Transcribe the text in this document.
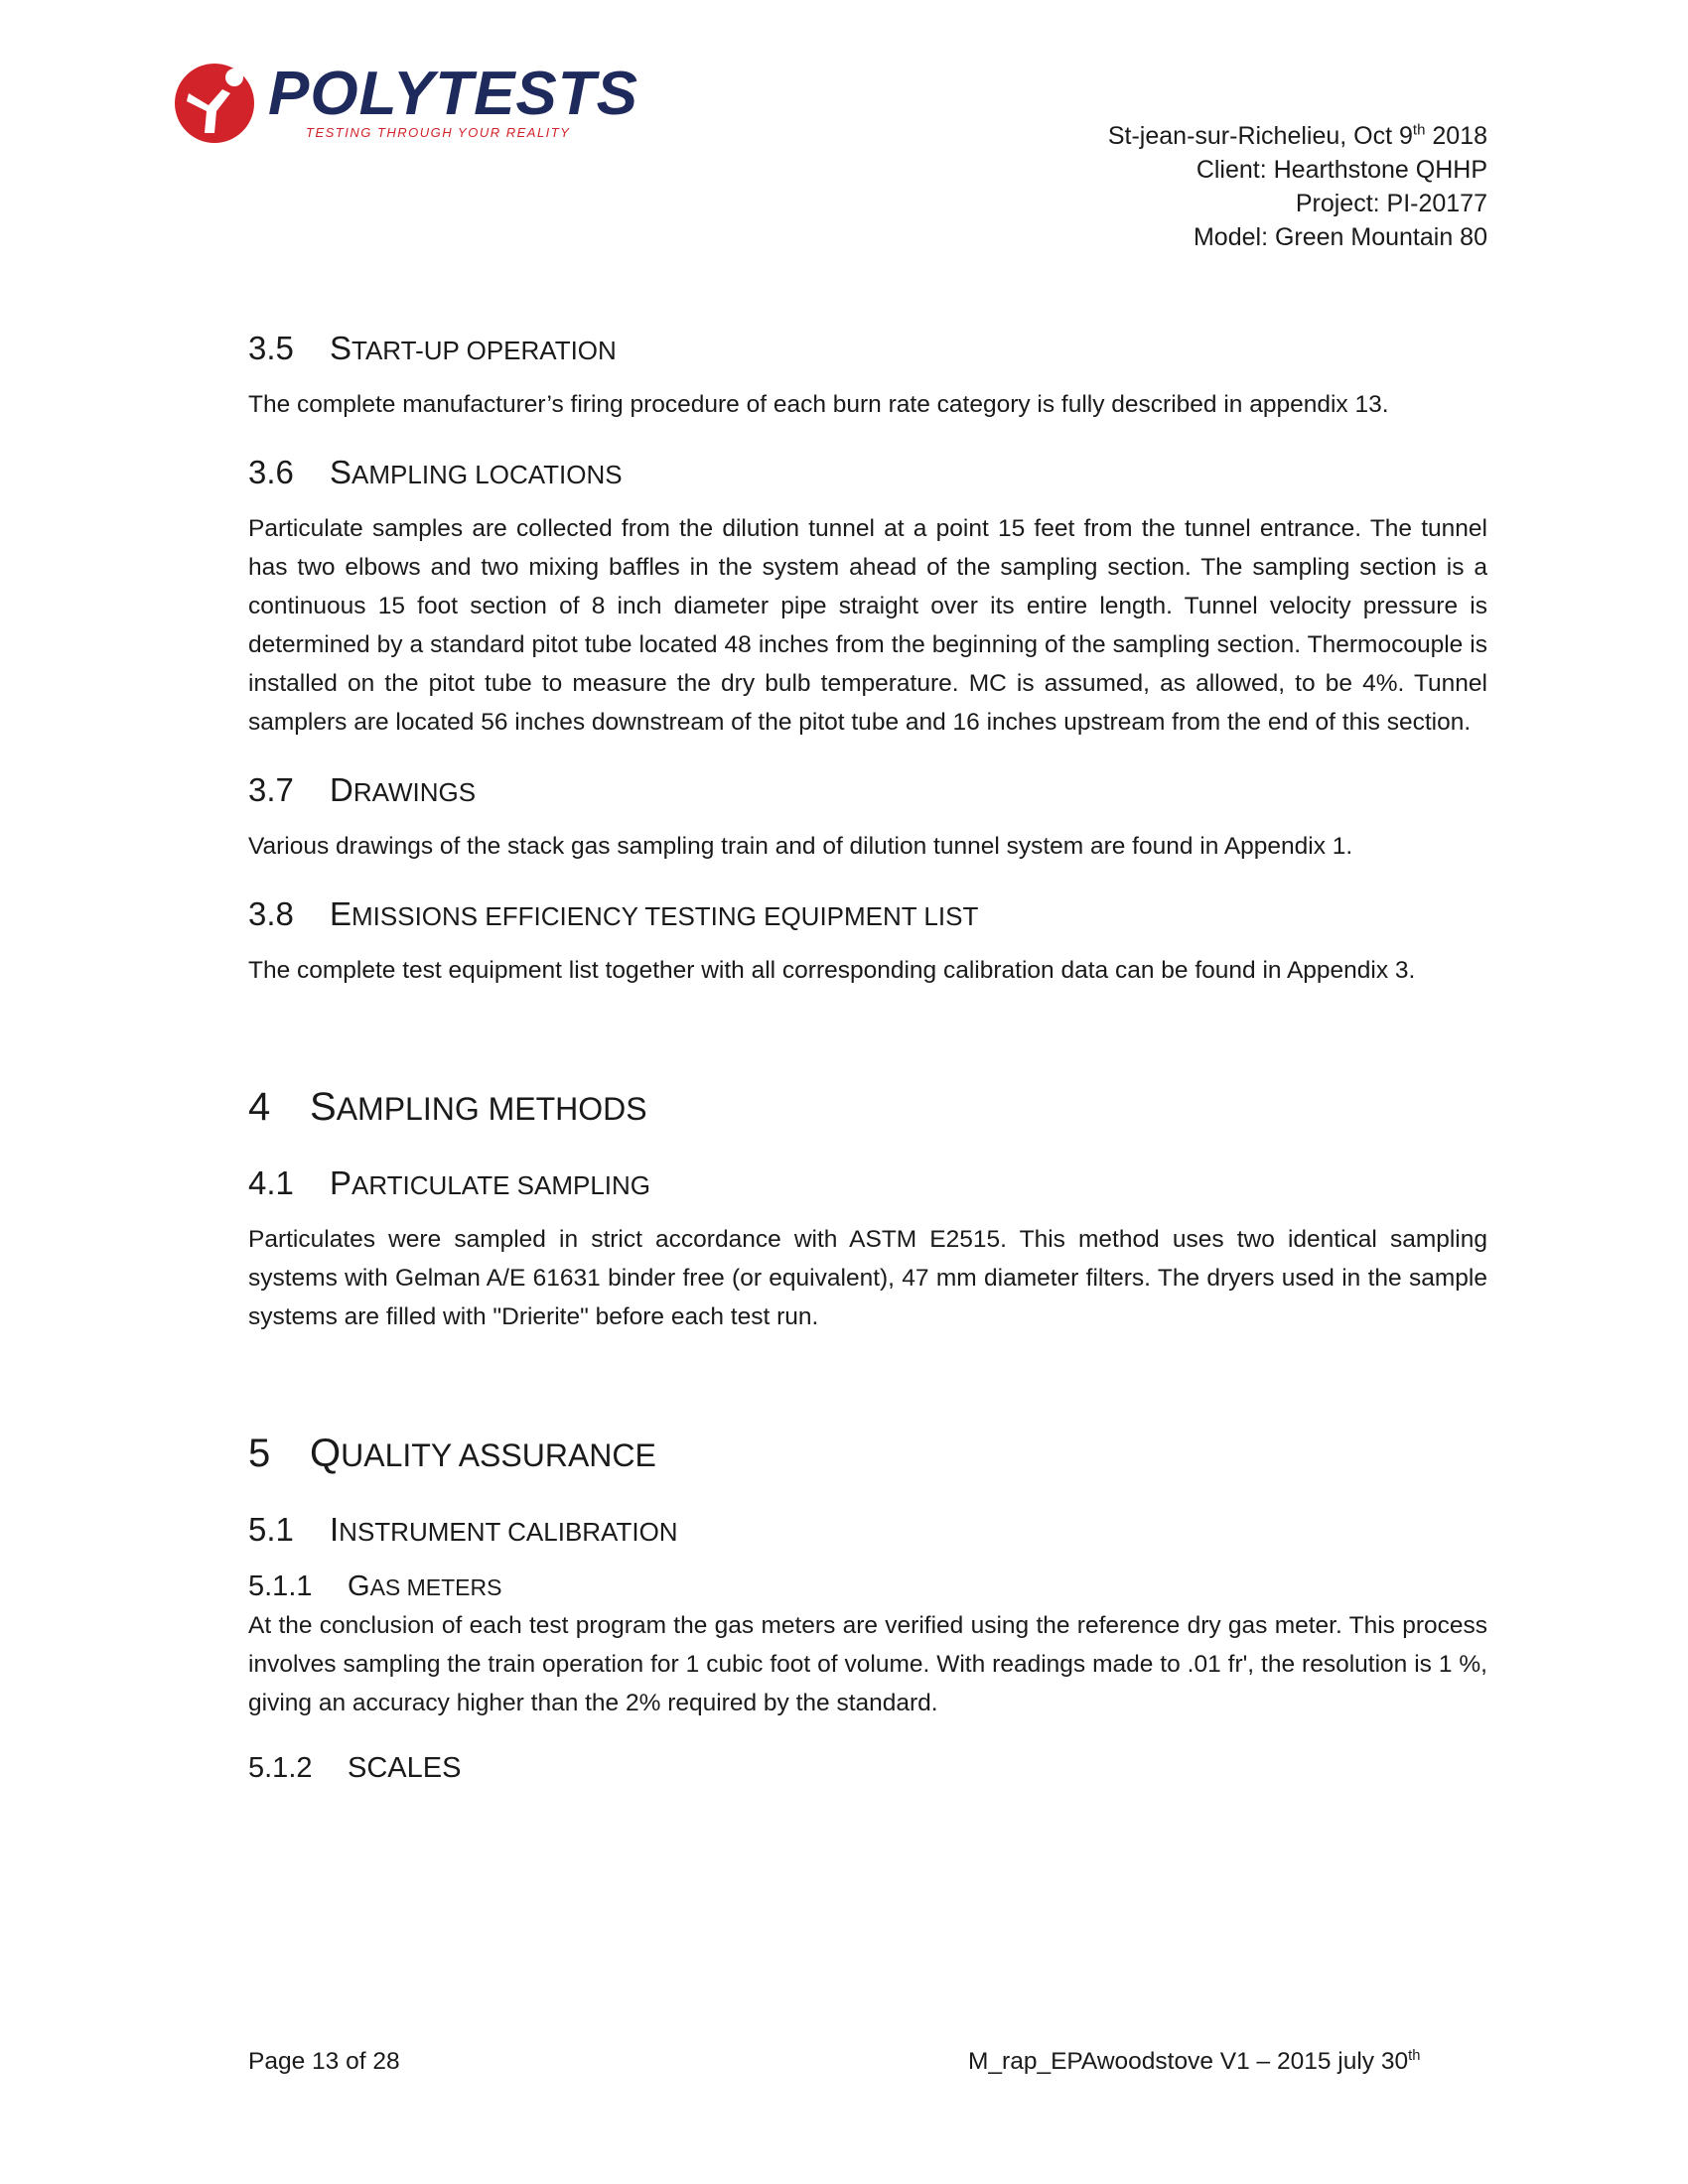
POLYTESTS
TESTING THROUGH YOUR REALITY	St-jean-sur-Richelieu, Oct 9th 2018
Client: Hearthstone QHHP
Project: PI-20177
Model: Green Mountain 80
3.5 START-UP OPERATION

The complete manufacturer’s firing procedure of each burn rate category is fully described in appendix 13.

3.6 SAMPLING LOCATIONS

Particulate samples are collected from the dilution tunnel at a point 15 feet from the tunnel entrance. The tunnel has two elbows and two mixing baffles in the system ahead of the sampling section. The sampling section is a continuous 15 foot section of 8 inch diameter pipe straight over its entire length. Tunnel velocity pressure is determined by a standard pitot tube located 48 inches from the beginning of the sampling section. Thermocouple is installed on the pitot tube to measure the dry bulb temperature. MC is assumed, as allowed, to be 4%. Tunnel samplers are located 56 inches downstream of the pitot tube and 16 inches upstream from the end of this section.

3.7 DRAWINGS

Various drawings of the stack gas sampling train and of dilution tunnel system are found in Appendix 1.

3.8 EMISSIONS EFFICIENCY TESTING EQUIPMENT LIST

The complete test equipment list together with all corresponding calibration data can be found in Appendix 3.

4 SAMPLING METHODS
4.1 PARTICULATE SAMPLING

Particulates were sampled in strict accordance with ASTM E2515. This method uses two identical sampling systems with Gelman A/E 61631 binder free (or equivalent), 47 mm diameter filters. The dryers used in the sample systems are filled with "Drierite" before each test run.

5 QUALITY ASSURANCE
5.1 INSTRUMENT CALIBRATION
5.1.1 GAS METERS

At the conclusion of each test program the gas meters are verified using the reference dry gas meter. This process involves sampling the train operation for 1 cubic foot of volume. With readings made to .01 fr', the resolution is 1 %, giving an accuracy higher than the 2% required by the standard.

5.1.2 SCALES
Page 13 of 28	M_rap_EPAwoodstove V1 – 2015 july 30th
